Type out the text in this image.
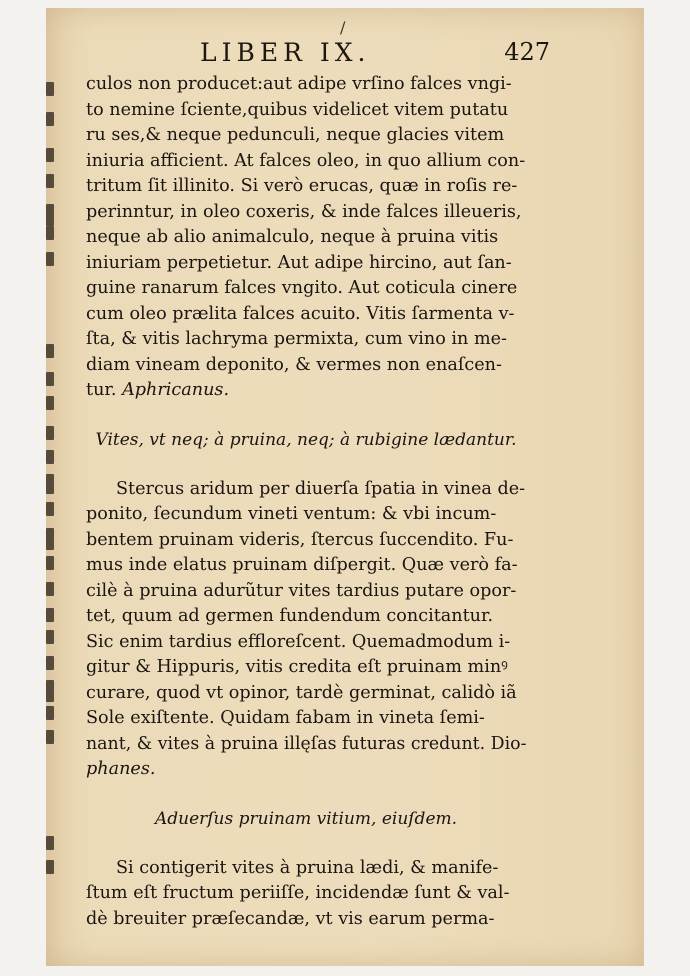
/
LIBER IX.	427
culos non producet:aut adipe vrſino falces vngi-
to nemine ſciente,quibus videlicet vitem putatu
ru ses,& neque pedunculi, neque glacies vitem
iniuria afficient. At falces oleo, in quo allium con-
tritum ſit illinito. Si verò erucas, quæ in roſis re-
perinntur, in oleo coxeris, & inde falces illeueris,
neque ab alio animalculo, neque à pruina vitis
iniuriam perpetietur. Aut adipe hircino, aut ſan-
guine ranarum falces vngito. Aut coticula cinere
cum oleo prælita falces acuito. Vitis ſarmenta v-
ſta, & vitis lachryma permixta, cum vino in me-
diam vineam deponito, & vermes non enaſcen-
tur. Aphricanus.
Vites, vt neq; à pruina, neq; à rubigine lædantur.
Stercus aridum per diuerſa ſpatia in vinea de-
ponito, ſecundum vineti ventum: & vbi incum-
bentem pruinam videris, ſtercus ſuccendito. Fu-
mus inde elatus pruinam diſpergit. Quæ verò fa-
cilè à pruina adurũtur vites tardius putare opor-
tet, quum ad germen fundendum concitantur.
Sic enim tardius efflorеſcent. Quemadmodum i-
gitur & Hippuris, vitis credita eſt pruinam minꝰ
curare, quod vt opinor, tardè germinat, calidò iã
Sole exiſtente. Quidam fabam in vineta ſemi-
nant, & vites à pruina illęſas futuras credunt. Dio-
phanes.
Aduerſus pruinam vitium, eiuſdem.
Si contigerit vites à pruina lædi, & manife-
ſtum eſt fructum periiſſe, incidendæ ſunt & val-
dè breuiter præſecandæ, vt vis earum perma-
